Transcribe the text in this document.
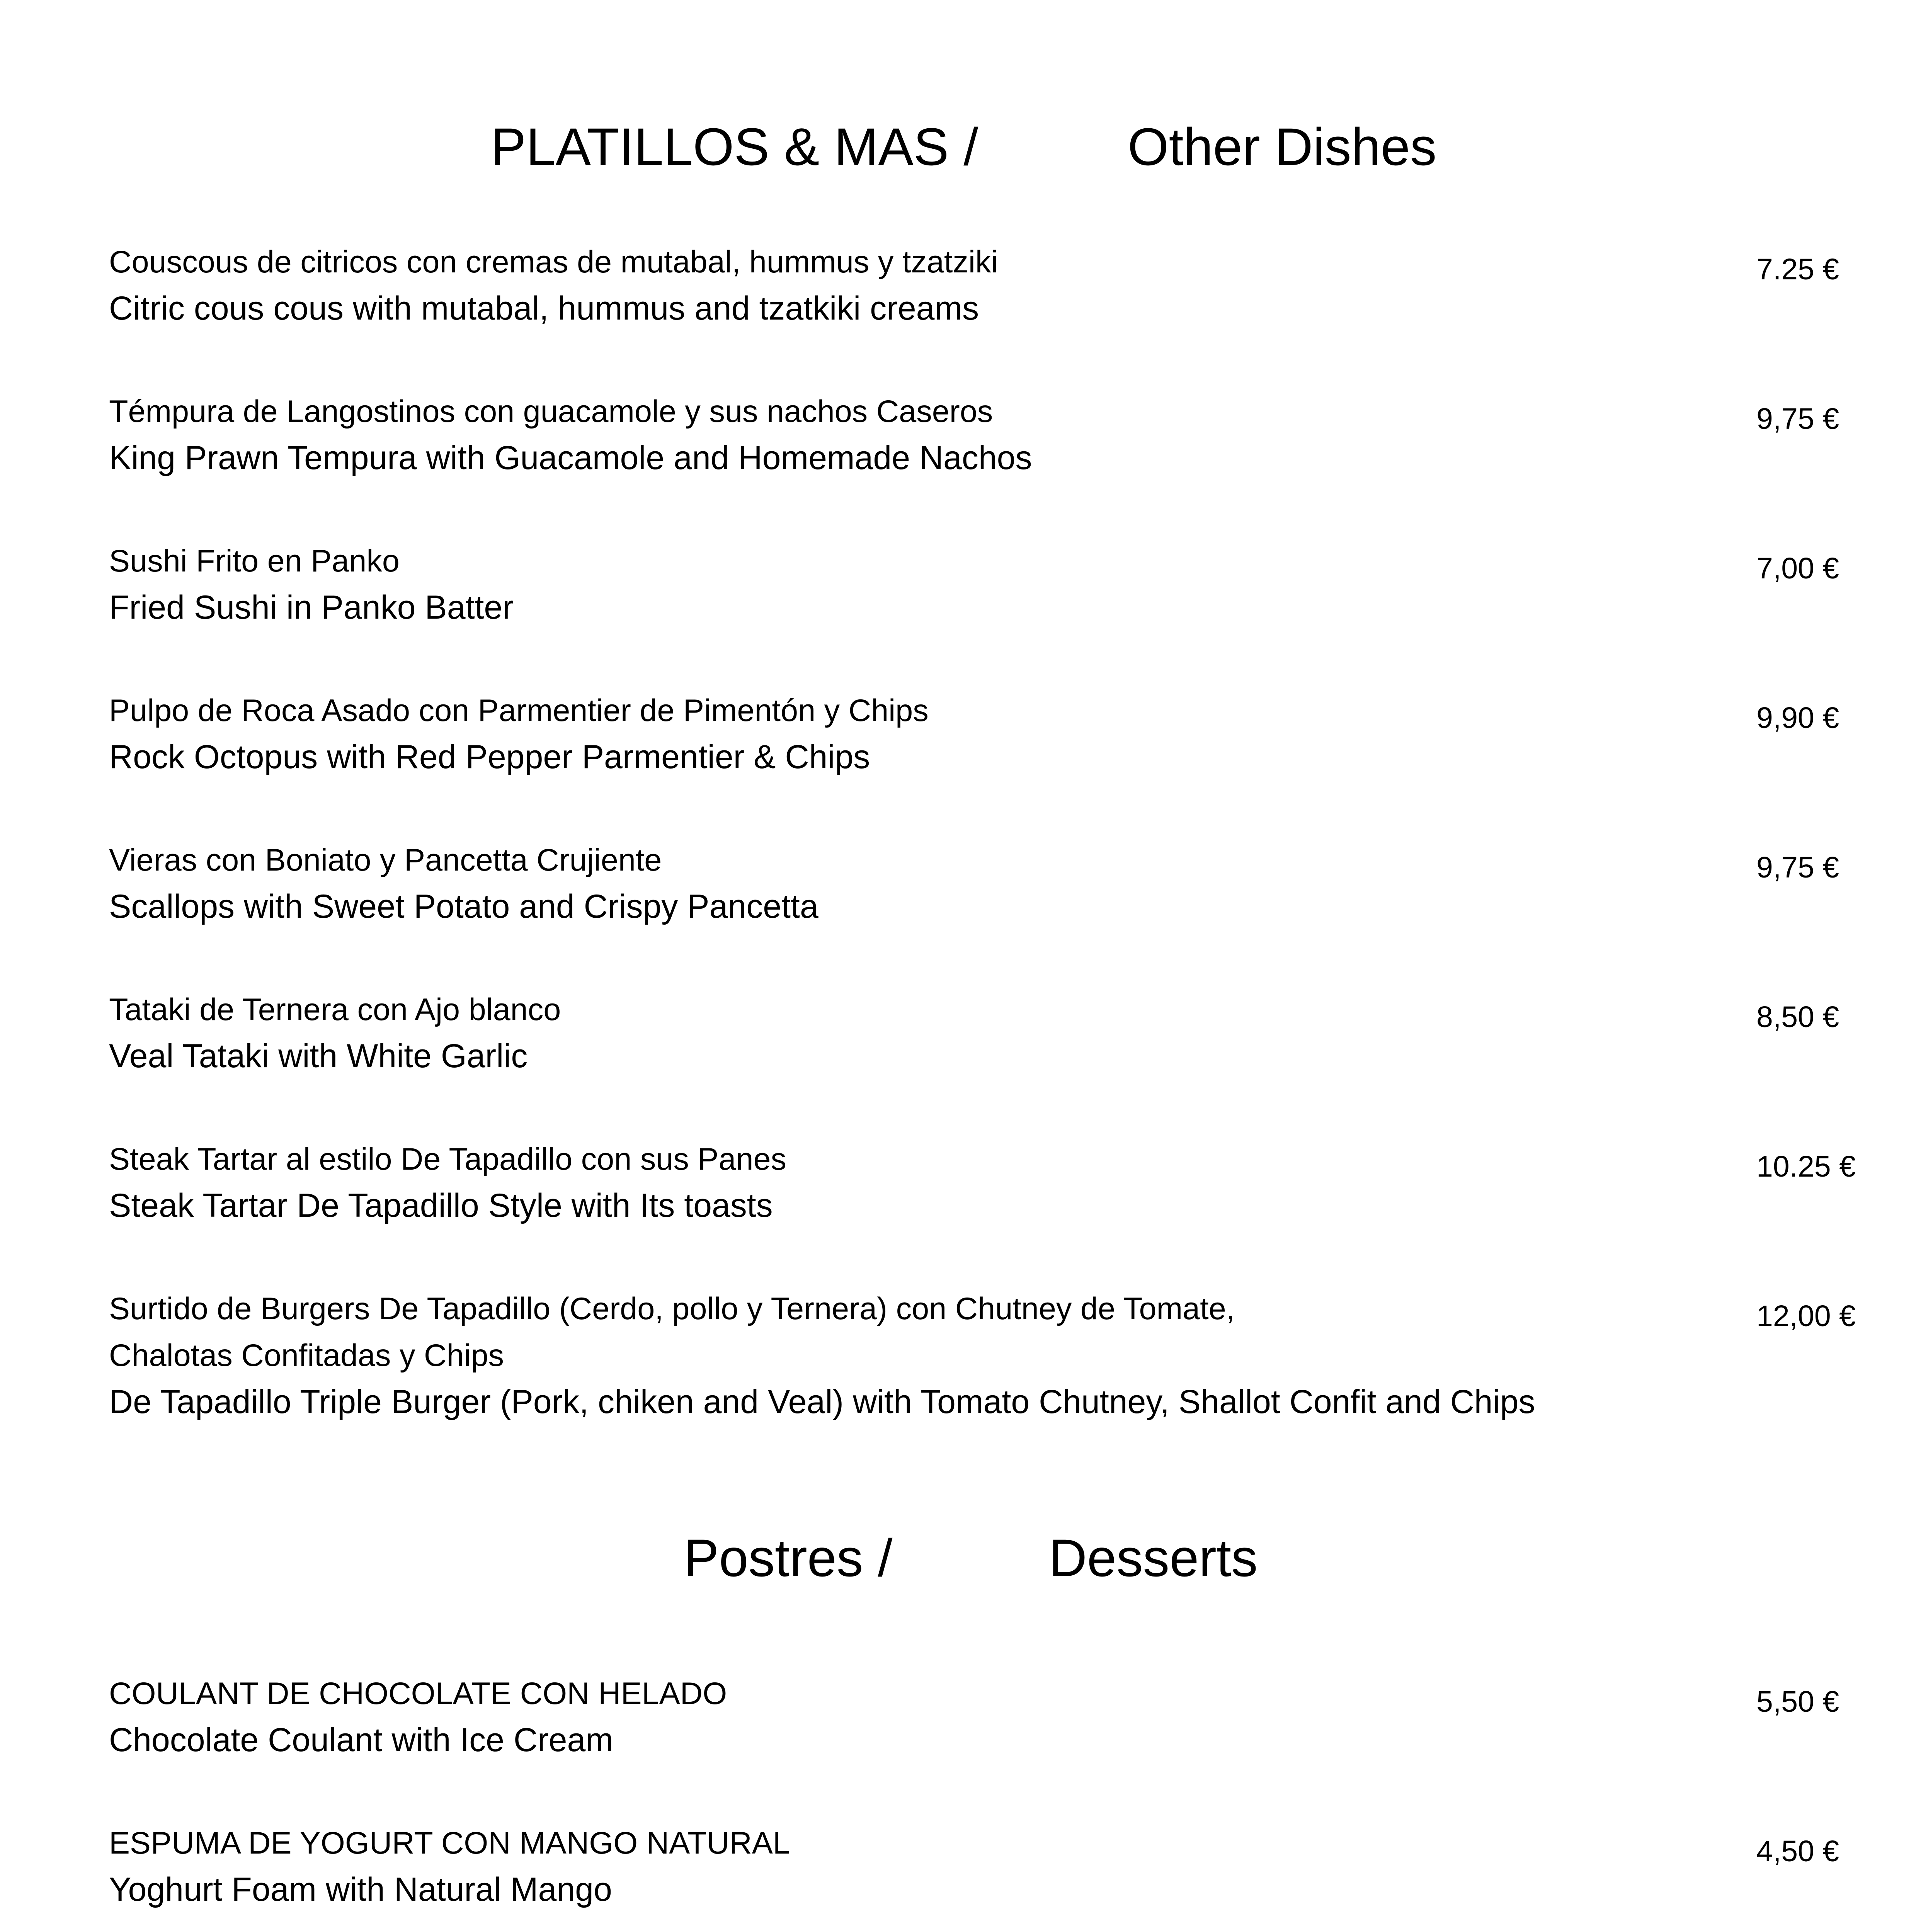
PLATILLOS & MAS /	Other Dishes
Couscous de citricos con cremas de mutabal, hummus y tzatziki
Citric cous cous with mutabal, hummus and tzatkiki creams
7.25 €
Témpura de Langostinos con guacamole y sus nachos Caseros
King Prawn Tempura with Guacamole and Homemade Nachos
9,75 €
Sushi Frito en Panko
Fried Sushi in Panko Batter
7,00 €
Pulpo de Roca Asado con Parmentier de Pimentón y Chips
Rock Octopus with Red Pepper Parmentier & Chips
9,90 €
Vieras con Boniato y Pancetta Crujiente
Scallops with Sweet Potato and Crispy Pancetta
9,75 €
Tataki de Ternera con Ajo blanco
Veal Tataki with White Garlic
8,50 €
Steak Tartar al estilo De Tapadillo con sus Panes
Steak Tartar De Tapadillo Style with Its toasts
10.25 €
Surtido de Burgers De Tapadillo (Cerdo, pollo y Ternera) con Chutney de Tomate,
Chalotas Confitadas y Chips
De Tapadillo Triple Burger (Pork, chiken and Veal) with Tomato Chutney, Shallot Confit and Chips
12,00 €
Postres /	Desserts
COULANT DE CHOCOLATE CON HELADO
Chocolate Coulant with Ice Cream
5,50 €
ESPUMA DE YOGURT CON MANGO NATURAL
Yoghurt Foam with Natural Mango
4,50 €
